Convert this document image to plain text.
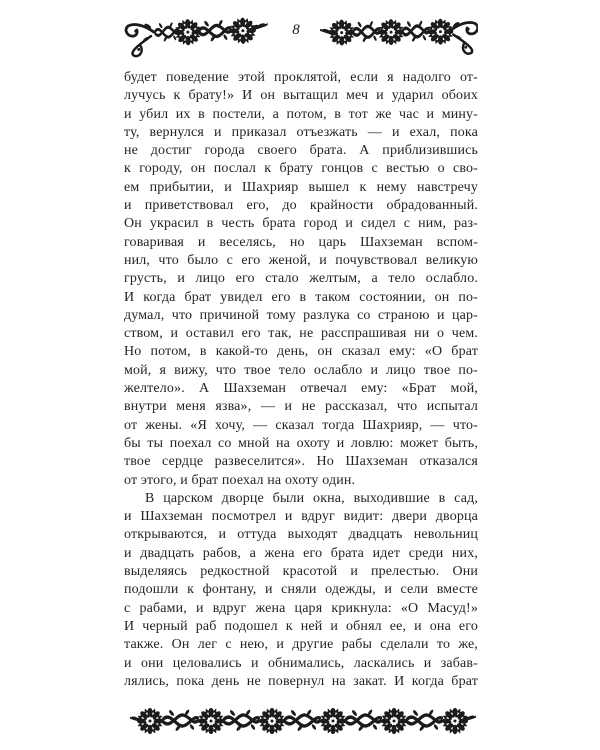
8
будет поведение этой проклятой, если я надолго от-
лучусь к брату!» И он вытащил меч и ударил обоих
и убил их в постели, а потом, в тот же час и мину-
ту, вернулся и приказал отъезжать — и ехал, пока
не достиг города своего брата. А приблизившись
к городу, он послал к брату гонцов с вестью о сво-
ем прибытии, и Шахрияр вышел к нему навстречу
и приветствовал его, до крайности обрадованный.
Он украсил в честь брата город и сидел с ним, раз-
говаривая и веселясь, но царь Шахземан вспом-
нил, что было с его женой, и почувствовал великую
грусть, и лицо его стало желтым, а тело ослабло.
И когда брат увидел его в таком состоянии, он по-
думал, что причиной тому разлука со страною и цар-
ством, и оставил его так, не расспрашивая ни о чем.
Но потом, в какой-то день, он сказал ему: «О брат
мой, я вижу, что твое тело ослабло и лицо твое по-
желтело». А Шахземан отвечал ему: «Брат мой,
внутри меня язва», — и не рассказал, что испытал
от жены. «Я хочу, — сказал тогда Шахрияр, — что-
бы ты поехал со мной на охоту и ловлю: может быть,
твое сердце развеселится». Но Шахземан отказался
от этого, и брат поехал на охоту один.
В царском дворце были окна, выходившие в сад,
и Шахземан посмотрел и вдруг видит: двери дворца
открываются, и оттуда выходят двадцать невольниц
и двадцать рабов, а жена его брата идет среди них,
выделяясь редкостной красотой и прелестью. Они
подошли к фонтану, и сняли одежды, и сели вместе
с рабами, и вдруг жена царя крикнула: «О Масуд!»
И черный раб подошел к ней и обнял ее, и она его
также. Он лег с нею, и другие рабы сделали то же,
и они целовались и обнимались, ласкались и забав-
лялись, пока день не повернул на закат. И когда брат
